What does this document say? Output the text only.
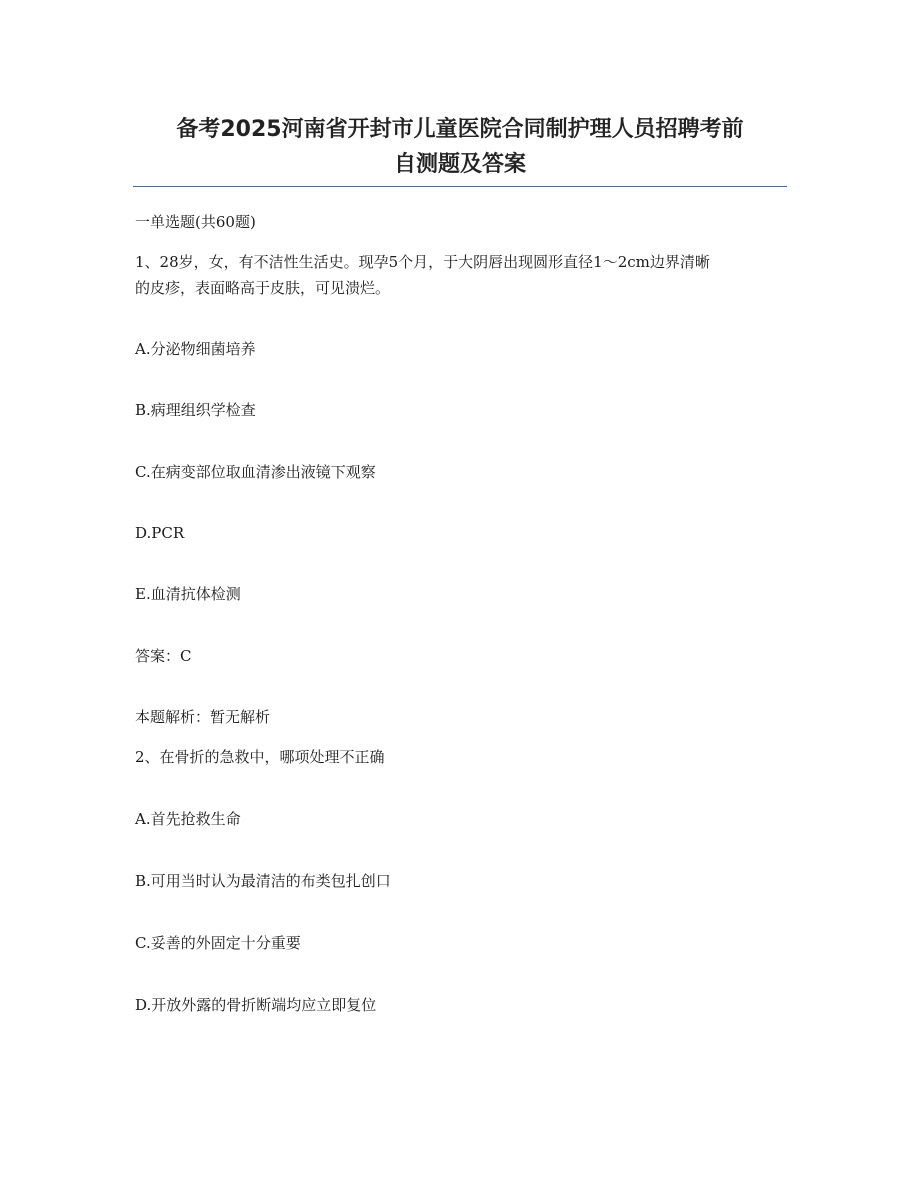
备考2025河南省开封市儿童医院合同制护理人员招聘考前
自测题及答案

一单选题(共60题)

1、28岁，女，有不洁性生活史。现孕5个月，于大阴唇出现圆形直径1～2cm边界清晰

的皮疹，表面略高于皮肤，可见溃烂。

A.分泌物细菌培养

B.病理组织学检查

C.在病变部位取血清渗出液镜下观察

D.PCR

E.血清抗体检测

答案：C

本题解析：暂无解析

2、在骨折的急救中，哪项处理不正确

A.首先抢救生命

B.可用当时认为最清洁的布类包扎创口

C.妥善的外固定十分重要

D.开放外露的骨折断端均应立即复位
